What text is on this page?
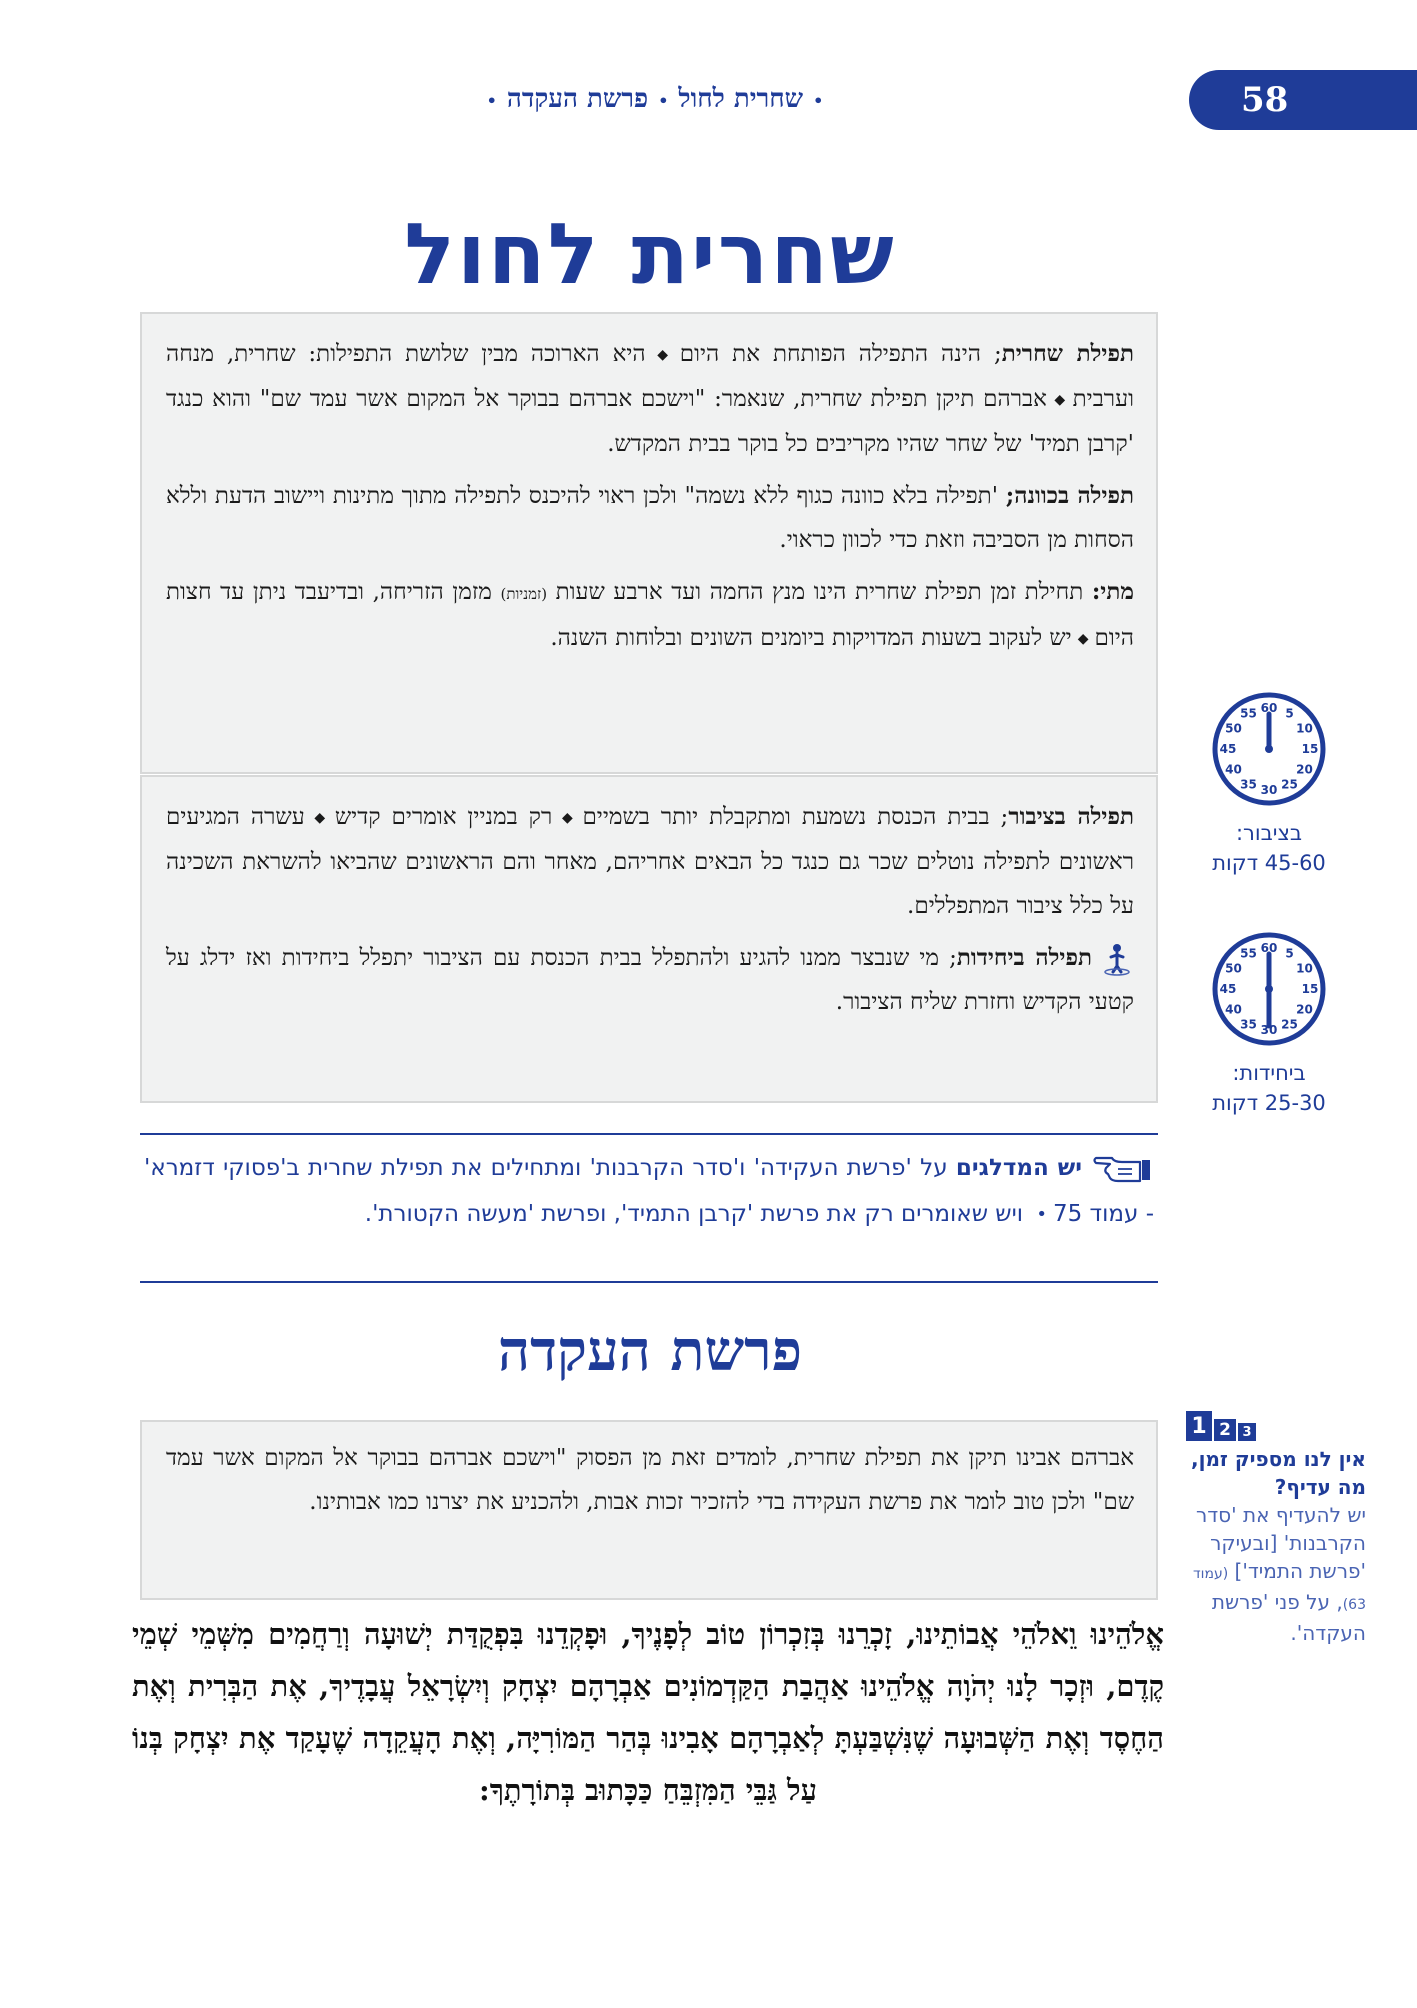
58
•שחרית לחול•פרשת העקדה•
שחרית לחול

תפילת שחרית; הינה התפילה הפותחת את היום◆היא הארוכה מבין שלושת התפילות: שחרית, מנחה וערבית◆אברהם תיקן תפילת שחרית, שנאמר: "וישכם אברהם בבוקר אל המקום אשר עמד שם" והוא כנגד 'קרבן תמיד' של שחר שהיו מקריבים כל בוקר בבית המקדש.

תפילה בכוונה; 'תפילה בלא כוונה כגוף ללא נשמה" ולכן ראוי להיכנס לתפילה מתוך מתינות ויישוב הדעת וללא הסחות מן הסביבה וזאת כדי לכוון כראוי.

מתי: תחילת זמן תפילת שחרית הינו מנץ החמה ועד ארבע שעות (זמניות) מזמן הזריחה, ובדיעבד ניתן עד חצות היום◆יש לעקוב בשעות המדויקות ביומנים השונים ובלוחות השנה.

תפילה בציבור; בבית הכנסת נשמעת ומתקבלת יותר בשמיים◆רק במניין אומרים קדיש◆עשרה המגיעים ראשונים לתפילה נוטלים שכר גם כנגד כל הבאים אחריהם, מאחר והם הראשונים שהביאו להשראת השכינה על כלל ציבור המתפללים.

תפילה ביחידות; מי שנבצר ממנו להגיע ולהתפלל בבית הכנסת עם הציבור יתפלל ביחידות ואז ידלג על קטעי הקדיש וחזרת שליח הציבור.

60 5
10
15
20
25
30
35
40
45
50
55
בציבור:
45-60 דקות
60 5
10
15
20
25
30
35
40
45
50
55
ביחידות:
25-30 דקות

יש המדלגים על 'פרשת העקידה' ו'סדר הקרבנות' ומתחילים את תפילת שחרית ב'פסוקי דזמרא' - עמוד 75• ויש שאומרים רק את פרשת 'קרבן התמיד', ופרשת 'מעשה הקטורת'.

פרשת העקדה

אברהם אבינו תיקן את תפילת שחרית, לומדים זאת מן הפסוק "וישכם אברהם בבוקר אל המקום אשר עמד שם" ולכן טוב לומר את פרשת העקידה בדי להזכיר זכות אבות, ולהכניע את יצרנו כמו אבותינו.

אֱלֹהֵינוּ וֵאלֹהֵי אֲבוֹתֵינוּ, זָכְרֵנוּ בְּזִכְרוֹן טוֹב לְפָנֶיךָ, וּפָקְדֵנוּ בִּפְקֻדַּת יְשׁוּעָה וְרַחֲמִים מִשְּׁמֵי שְׁמֵי קֶדֶם, וּזְכָר לָנוּ יְהֹוָה אֱלֹהֵינוּ אַהֲבַת הַקַּדְמוֹנִים אַבְרָהָם יִצְחָק וְיִשְׂרָאֵל עֲבָדֶיךָ, אֶת הַבְּרִית וְאֶת הַחֶסֶד וְאֶת הַשְּׁבוּעָה שֶׁנִּשְׁבַּעְתָּ לְאַבְרָהָם אָבִינוּ בְּהַר הַמּוֹרִיָּה, וְאֶת הָעֲקֵדָה שֶׁעָקַד אֶת יִצְחָק בְּנוֹ עַל גַּבֵּי הַמִּזְבֵּחַ כַּכָּתוּב בְּתוֹרָתֶךָ:
1 2 3
אין לנו מספיק זמן, מה עדיף?
יש להעדיף את 'סדר הקרבנות' [ובעיקר 'פרשת התמיד'] (עמוד 63), על פני 'פרשת העקדה'.
